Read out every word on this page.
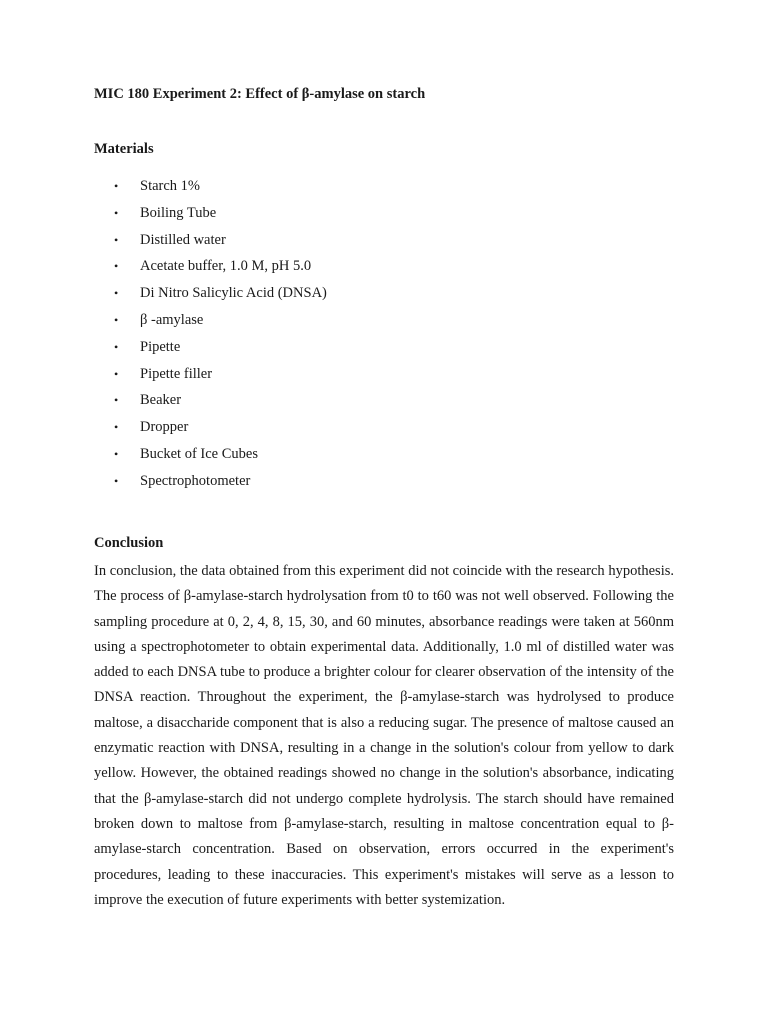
MIC 180 Experiment 2: Effect of β-amylase on starch
Materials
• Starch 1%
• Boiling Tube
• Distilled water
• Acetate buffer, 1.0 M, pH 5.0
• Di Nitro Salicylic Acid (DNSA)
• β -amylase
• Pipette
• Pipette filler
• Beaker
• Dropper
• Bucket of Ice Cubes
• Spectrophotometer
Conclusion

In conclusion, the data obtained from this experiment did not coincide with the research hypothesis. The process of β-amylase-starch hydrolysation from t0 to t60 was not well observed. Following the sampling procedure at 0, 2, 4, 8, 15, 30, and 60 minutes, absorbance readings were taken at 560nm using a spectrophotometer to obtain experimental data. Additionally, 1.0 ml of distilled water was added to each DNSA tube to produce a brighter colour for clearer observation of the intensity of the DNSA reaction. Throughout the experiment, the β-amylase-starch was hydrolysed to produce maltose, a disaccharide component that is also a reducing sugar. The presence of maltose caused an enzymatic reaction with DNSA, resulting in a change in the solution's colour from yellow to dark yellow. However, the obtained readings showed no change in the solution's absorbance, indicating that the β-amylase-starch did not undergo complete hydrolysis. The starch should have remained broken down to maltose from β-amylase-starch, resulting in maltose concentration equal to β-amylase-starch concentration. Based on observation, errors occurred in the experiment's procedures, leading to these inaccuracies. This experiment's mistakes will serve as a lesson to improve the execution of future experiments with better systemization.
